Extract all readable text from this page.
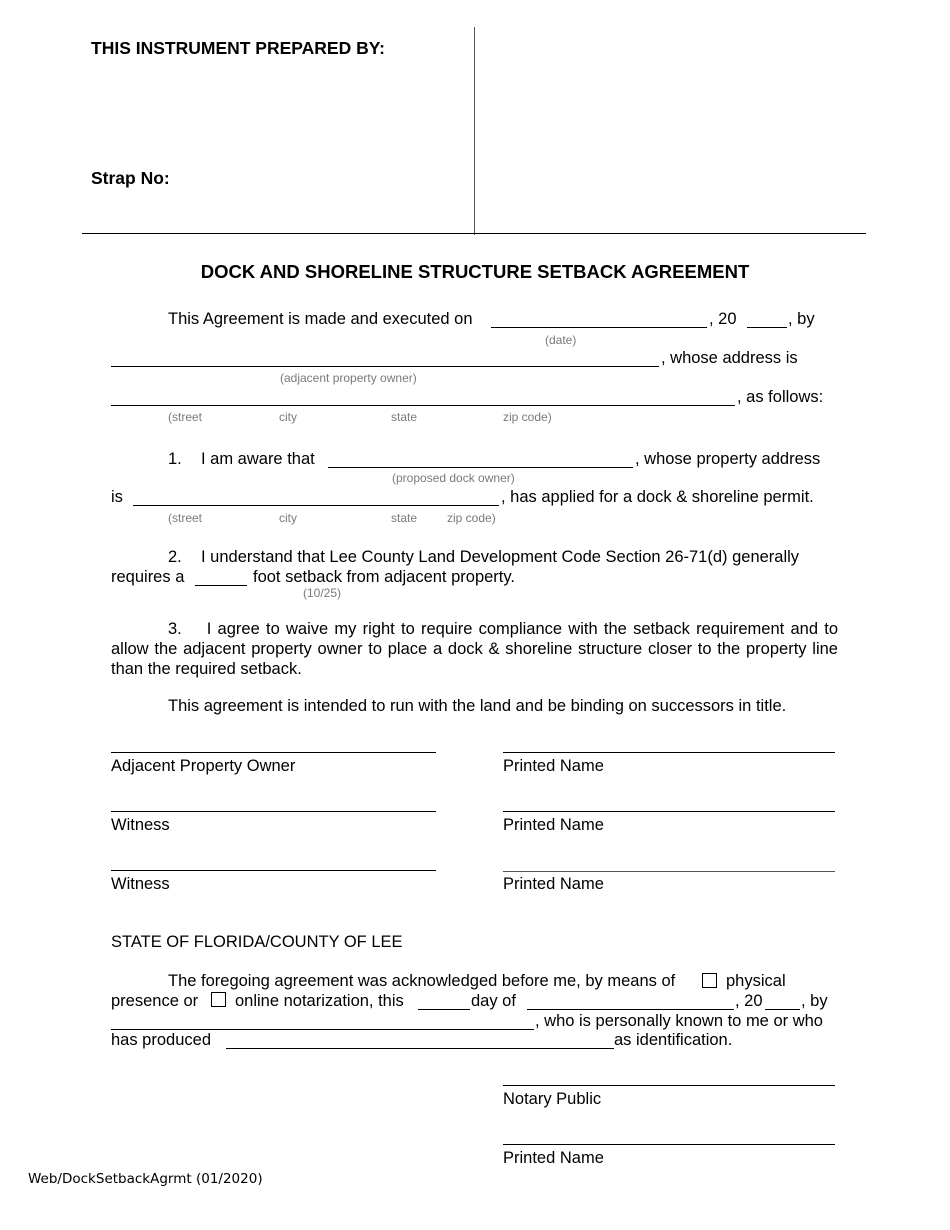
THIS INSTRUMENT PREPARED BY:
Strap No:
DOCK AND SHORELINE STRUCTURE SETBACK AGREEMENT
This Agreement is made and executed on	, 20	, by
(date)
, whose address is
(adjacent property owner)
, as follows:
(street	city	state	zip code)
1. I am aware that	, whose property address
(proposed dock owner)
is	, has applied for a dock & shoreline permit.
(street	city	state zip code)
2. I understand that Lee County Land Development Code Section 26-71(d) generally
requires a	foot setback from adjacent property.
(10/25)
3. I agree to waive my right to require compliance with the setback requirement and to allow the adjacent property owner to place a dock & shoreline structure closer to the property line than the required setback.
This agreement is intended to run with the land and be binding on successors in title.
Adjacent Property Owner	Printed Name
Witness	Printed Name
Witness	Printed Name
STATE OF FLORIDA/COUNTY OF LEE
The foregoing agreement was acknowledged before me, by means of	physical
presence or online notarization, this	day of	, 20 , by
, who is personally known to me or who
has produced	as identification.
Notary Public
Printed Name
Web/DockSetbackAgrmt (01/2020)
